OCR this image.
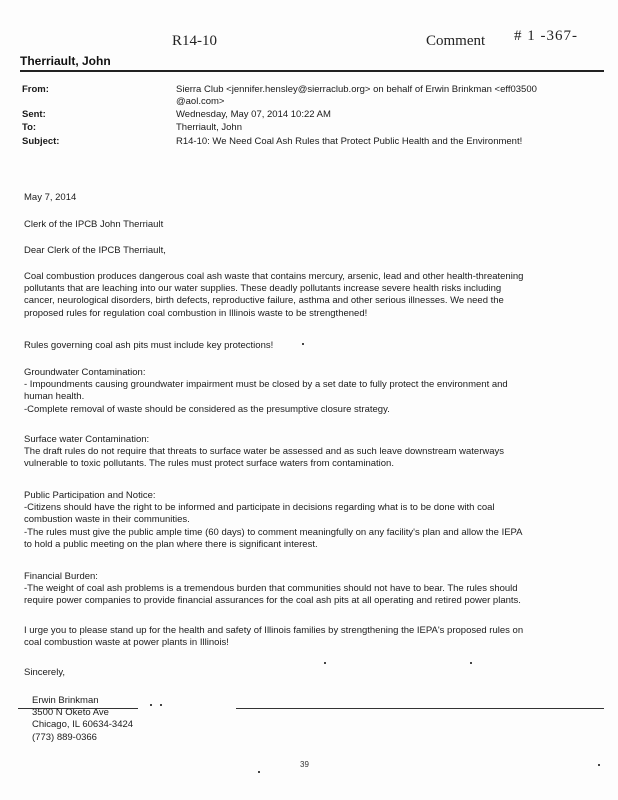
R14-10	Comment # 1 -367-
Therriault, John
From:	Sierra Club <jennifer.hensley@sierraclub.org> on behalf of Erwin Brinkman <eff03500
@aol.com>
Sent:	Wednesday, May 07, 2014 10:22 AM
To:	Therriault, John
Subject:	R14-10: We Need Coal Ash Rules that Protect Public Health and the Environment!
May 7, 2014
Clerk of the IPCB John Therriault
Dear Clerk of the IPCB Therriault,
Coal combustion produces dangerous coal ash waste that contains mercury, arsenic, lead and other health-threatening
pollutants that are leaching into our water supplies. These deadly pollutants increase severe health risks including
cancer, neurological disorders, birth defects, reproductive failure, asthma and other serious illnesses. We need the
proposed rules for regulation coal combustion in Illinois waste to be strengthened!
Rules governing coal ash pits must include key protections!
Groundwater Contamination:
- Impoundments causing groundwater impairment must be closed by a set date to fully protect the environment and
human health.
-Complete removal of waste should be considered as the presumptive closure strategy.
Surface water Contamination:
The draft rules do not require that threats to surface water be assessed and as such leave downstream waterways
vulnerable to toxic pollutants. The rules must protect surface waters from contamination.
Public Participation and Notice:
-Citizens should have the right to be informed and participate in decisions regarding what is to be done with coal
combustion waste in their communities.
-The rules must give the public ample time (60 days) to comment meaningfully on any facility's plan and allow the IEPA
to hold a public meeting on the plan where there is significant interest.
Financial Burden:
-The weight of coal ash problems is a tremendous burden that communities should not have to bear. The rules should
require power companies to provide financial assurances for the coal ash pits at all operating and retired power plants.
I urge you to please stand up for the health and safety of Illinois families by strengthening the IEPA's proposed rules on
coal combustion waste at power plants in Illinois!
Sincerely,
Erwin Brinkman
3500 N Oketo Ave
Chicago, IL 60634-3424
(773) 889-0366
39
